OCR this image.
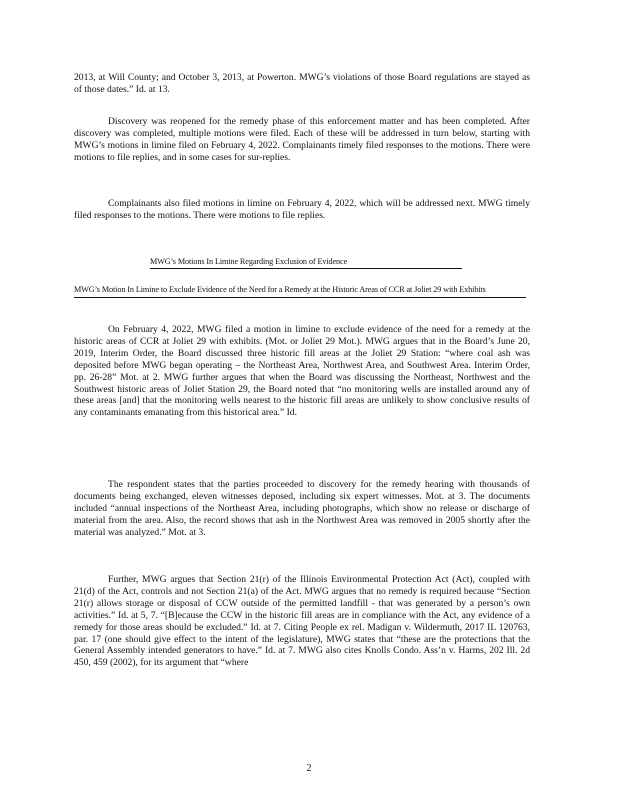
2013, at Will County; and October 3, 2013, at Powerton. MWG’s violations of those Board regulations are stayed as of those dates.” Id. at 13.

Discovery was reopened for the remedy phase of this enforcement matter and has been completed. After discovery was completed, multiple motions were filed. Each of these will be addressed in turn below, starting with MWG’s motions in limine filed on February 4, 2022. Complainants timely filed responses to the motions. There were motions to file replies, and in some cases for sur-replies.

Complainants also filed motions in limine on February 4, 2022, which will be addressed next. MWG timely filed responses to the motions. There were motions to file replies.

MWG’s Motions In Limine Regarding Exclusion of Evidence
MWG’s Motion In Limine to Exclude Evidence of the Need for a Remedy at the Historic Areas of CCR at Joliet 29 with Exhibits

On February 4, 2022, MWG filed a motion in limine to exclude evidence of the need for a remedy at the historic areas of CCR at Joliet 29 with exhibits. (Mot. or Joliet 29 Mot.). MWG argues that in the Board’s June 20, 2019, Interim Order, the Board discussed three historic fill areas at the Joliet 29 Station: “where coal ash was deposited before MWG began operating – the Northeast Area, Northwest Area, and Southwest Area. Interim Order, pp. 26-28” Mot. at 2. MWG further argues that when the Board was discussing the Northeast, Northwest and the Southwest historic areas of Joliet Station 29, the Board noted that “no monitoring wells are installed around any of these areas [and] that the monitoring wells nearest to the historic fill areas are unlikely to show conclusive results of any contaminants emanating from this historical area.” Id.

The respondent states that the parties proceeded to discovery for the remedy hearing with thousands of documents being exchanged, eleven witnesses deposed, including six expert witnesses. Mot. at 3. The documents included “annual inspections of the Northeast Area, including photographs, which show no release or discharge of material from the area. Also, the record shows that ash in the Northwest Area was removed in 2005 shortly after the material was analyzed.” Mot. at 3.

Further, MWG argues that Section 21(r) of the Illinois Environmental Protection Act (Act), coupled with 21(d) of the Act, controls and not Section 21(a) of the Act. MWG argues that no remedy is required because “Section 21(r) allows storage or disposal of CCW outside of the permitted landfill - that was generated by a person’s own activities.” Id. at 5, 7. “[B]ecause the CCW in the historic fill areas are in compliance with the Act, any evidence of a remedy for those areas should be excluded.” Id. at 7. Citing People ex rel. Madigan v. Wildermuth, 2017 IL 120763, par. 17 (one should give effect to the intent of the legislature), MWG states that “these are the protections that the General Assembly intended generators to have.” Id. at 7. MWG also cites Knolls Condo. Ass’n v. Harms, 202 Ill. 2d 450, 459 (2002), for its argument that “where

2
